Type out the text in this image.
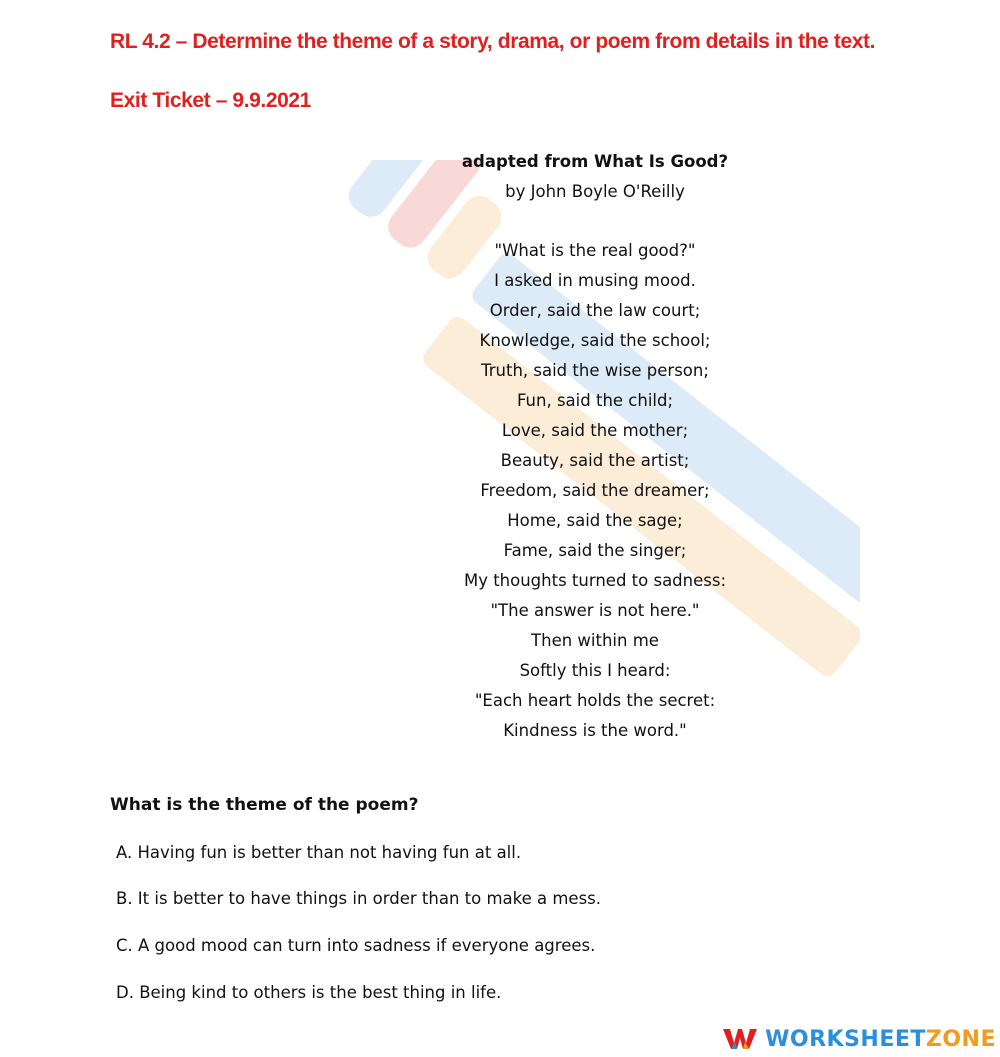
RL 4.2 – Determine the theme of a story, drama, or poem from details in the text.
Exit Ticket – 9.9.2021
adapted from What Is Good?
by John Boyle O'Reilly
"What is the real good?"
I asked in musing mood.
Order, said the law court;
Knowledge, said the school;
Truth, said the wise person;
Fun, said the child;
Love, said the mother;
Beauty, said the artist;
Freedom, said the dreamer;
Home, said the sage;
Fame, said the singer;
My thoughts turned to sadness:
"The answer is not here."
Then within me
Softly this I heard:
"Each heart holds the secret:
Kindness is the word."
What is the theme of the poem?
A. Having fun is better than not having fun at all.
B. It is better to have things in order than to make a mess.
C. A good mood can turn into sadness if everyone agrees.
D. Being kind to others is the best thing in life.
WORKSHEETZONE
